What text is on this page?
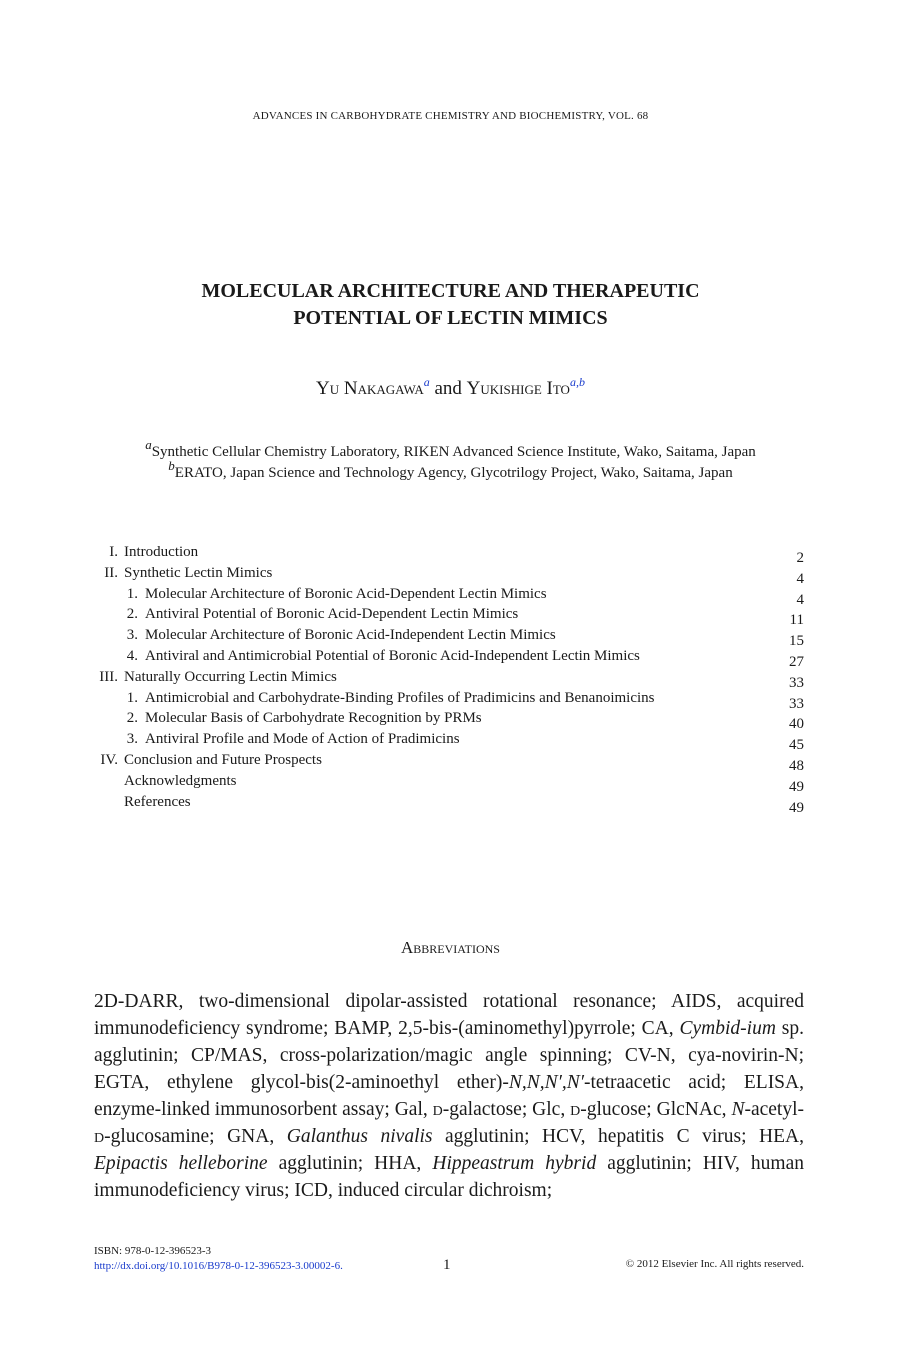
ADVANCES IN CARBOHYDRATE CHEMISTRY AND BIOCHEMISTRY, VOL. 68
MOLECULAR ARCHITECTURE AND THERAPEUTIC
POTENTIAL OF LECTIN MIMICS
Yu Nakagawa$^a$ and Yukishige Ito$^{a,b}$
$^a$Synthetic Cellular Chemistry Laboratory, RIKEN Advanced Science Institute, Wako, Saitama, Japan
$^b$ERATO, Japan Science and Technology Agency, Glycotrilogy Project, Wako, Saitama, Japan
I. Introduction	2
II. Synthetic Lectin Mimics	4
1. Molecular Architecture of Boronic Acid-Dependent Lectin Mimics	4
2. Antiviral Potential of Boronic Acid-Dependent Lectin Mimics	11
3. Molecular Architecture of Boronic Acid-Independent Lectin Mimics	15
4. Antiviral and Antimicrobial Potential of Boronic Acid-Independent Lectin Mimics	27
III. Naturally Occurring Lectin Mimics	33
1. Antimicrobial and Carbohydrate-Binding Profiles of Pradimicins and Benanoimicins	33
2. Molecular Basis of Carbohydrate Recognition by PRMs	40
3. Antiviral Profile and Mode of Action of Pradimicins	45
IV. Conclusion and Future Prospects	48
Acknowledgments	49
References	49
Abbreviations
2D-DARR, two-dimensional dipolar-assisted rotational resonance; AIDS, acquired immunodeficiency syndrome; BAMP, 2,5-bis-(aminomethyl)pyrrole; CA, Cymbid-ium sp. agglutinin; CP/MAS, cross-polarization/magic angle spinning; CV-N, cya-novirin-N; EGTA, ethylene glycol-bis(2-aminoethyl ether)-N,N,N′,N′-tetraacetic acid; ELISA, enzyme-linked immunosorbent assay; Gal, d-galactose; Glc, d-glucose; GlcNAc, N-acetyl-d-glucosamine; GNA, Galanthus nivalis agglutinin; HCV, hepatitis C virus; HEA, Epipactis helleborine agglutinin; HHA, Hippeastrum hybrid agglutinin; HIV, human immunodeficiency virus; ICD, induced circular dichroism;
ISBN: 978-0-12-396523-3
http://dx.doi.org/10.1016/B978-0-12-396523-3.00002-6.	1	© 2012 Elsevier Inc. All rights reserved.
